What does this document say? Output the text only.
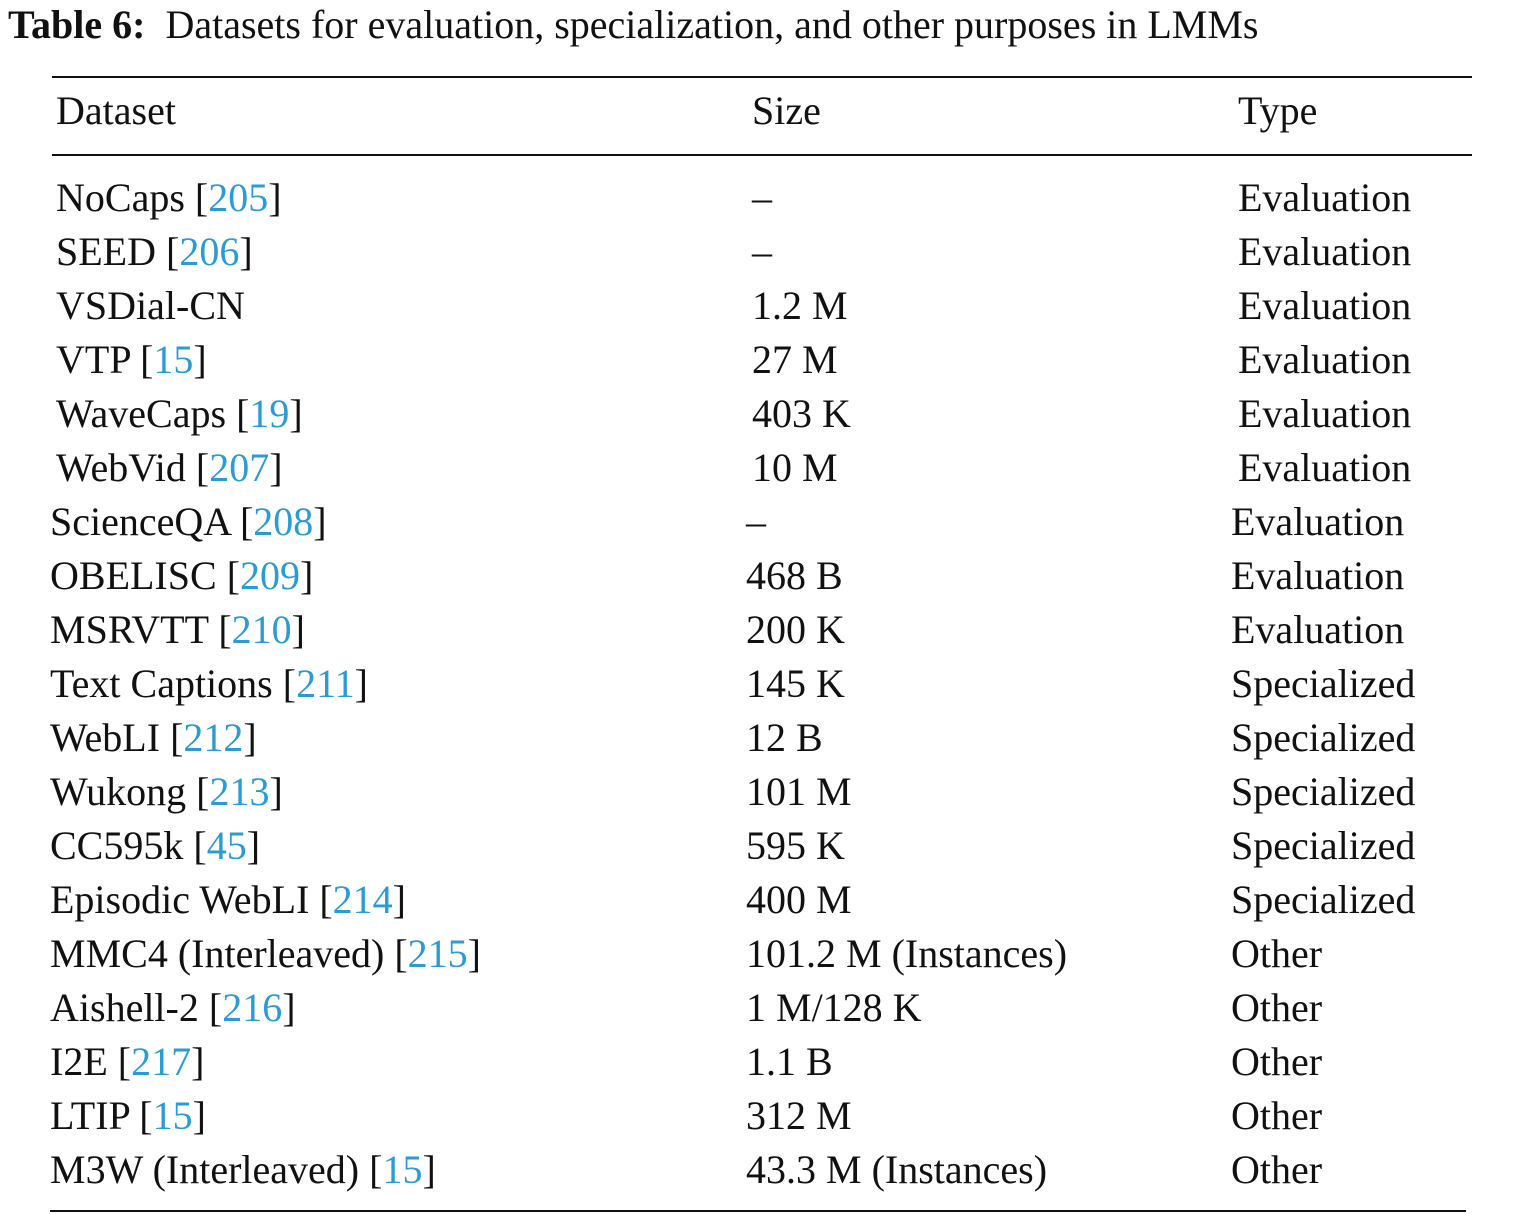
Table 6: Datasets for evaluation, specialization, and other purposes in LMMs
Dataset	Size	Type
NoCaps [205]	–	Evaluation
SEED [206]	–	Evaluation
VSDial-CN	1.2 M	Evaluation
VTP [15]	27 M	Evaluation
WaveCaps [19]	403 K	Evaluation
WebVid [207]	10 M	Evaluation
ScienceQA [208]	–	Evaluation
OBELISC [209]	468 B	Evaluation
MSRVTT [210]	200 K	Evaluation
Text Captions [211]	145 K	Specialized
WebLI [212]	12 B	Specialized
Wukong [213]	101 M	Specialized
CC595k [45]	595 K	Specialized
Episodic WebLI [214]	400 M	Specialized
MMC4 (Interleaved) [215]	101.2 M (Instances)	Other
Aishell-2 [216]	1 M/128 K	Other
I2E [217]	1.1 B	Other
LTIP [15]	312 M	Other
M3W (Interleaved) [15]	43.3 M (Instances)	Other
